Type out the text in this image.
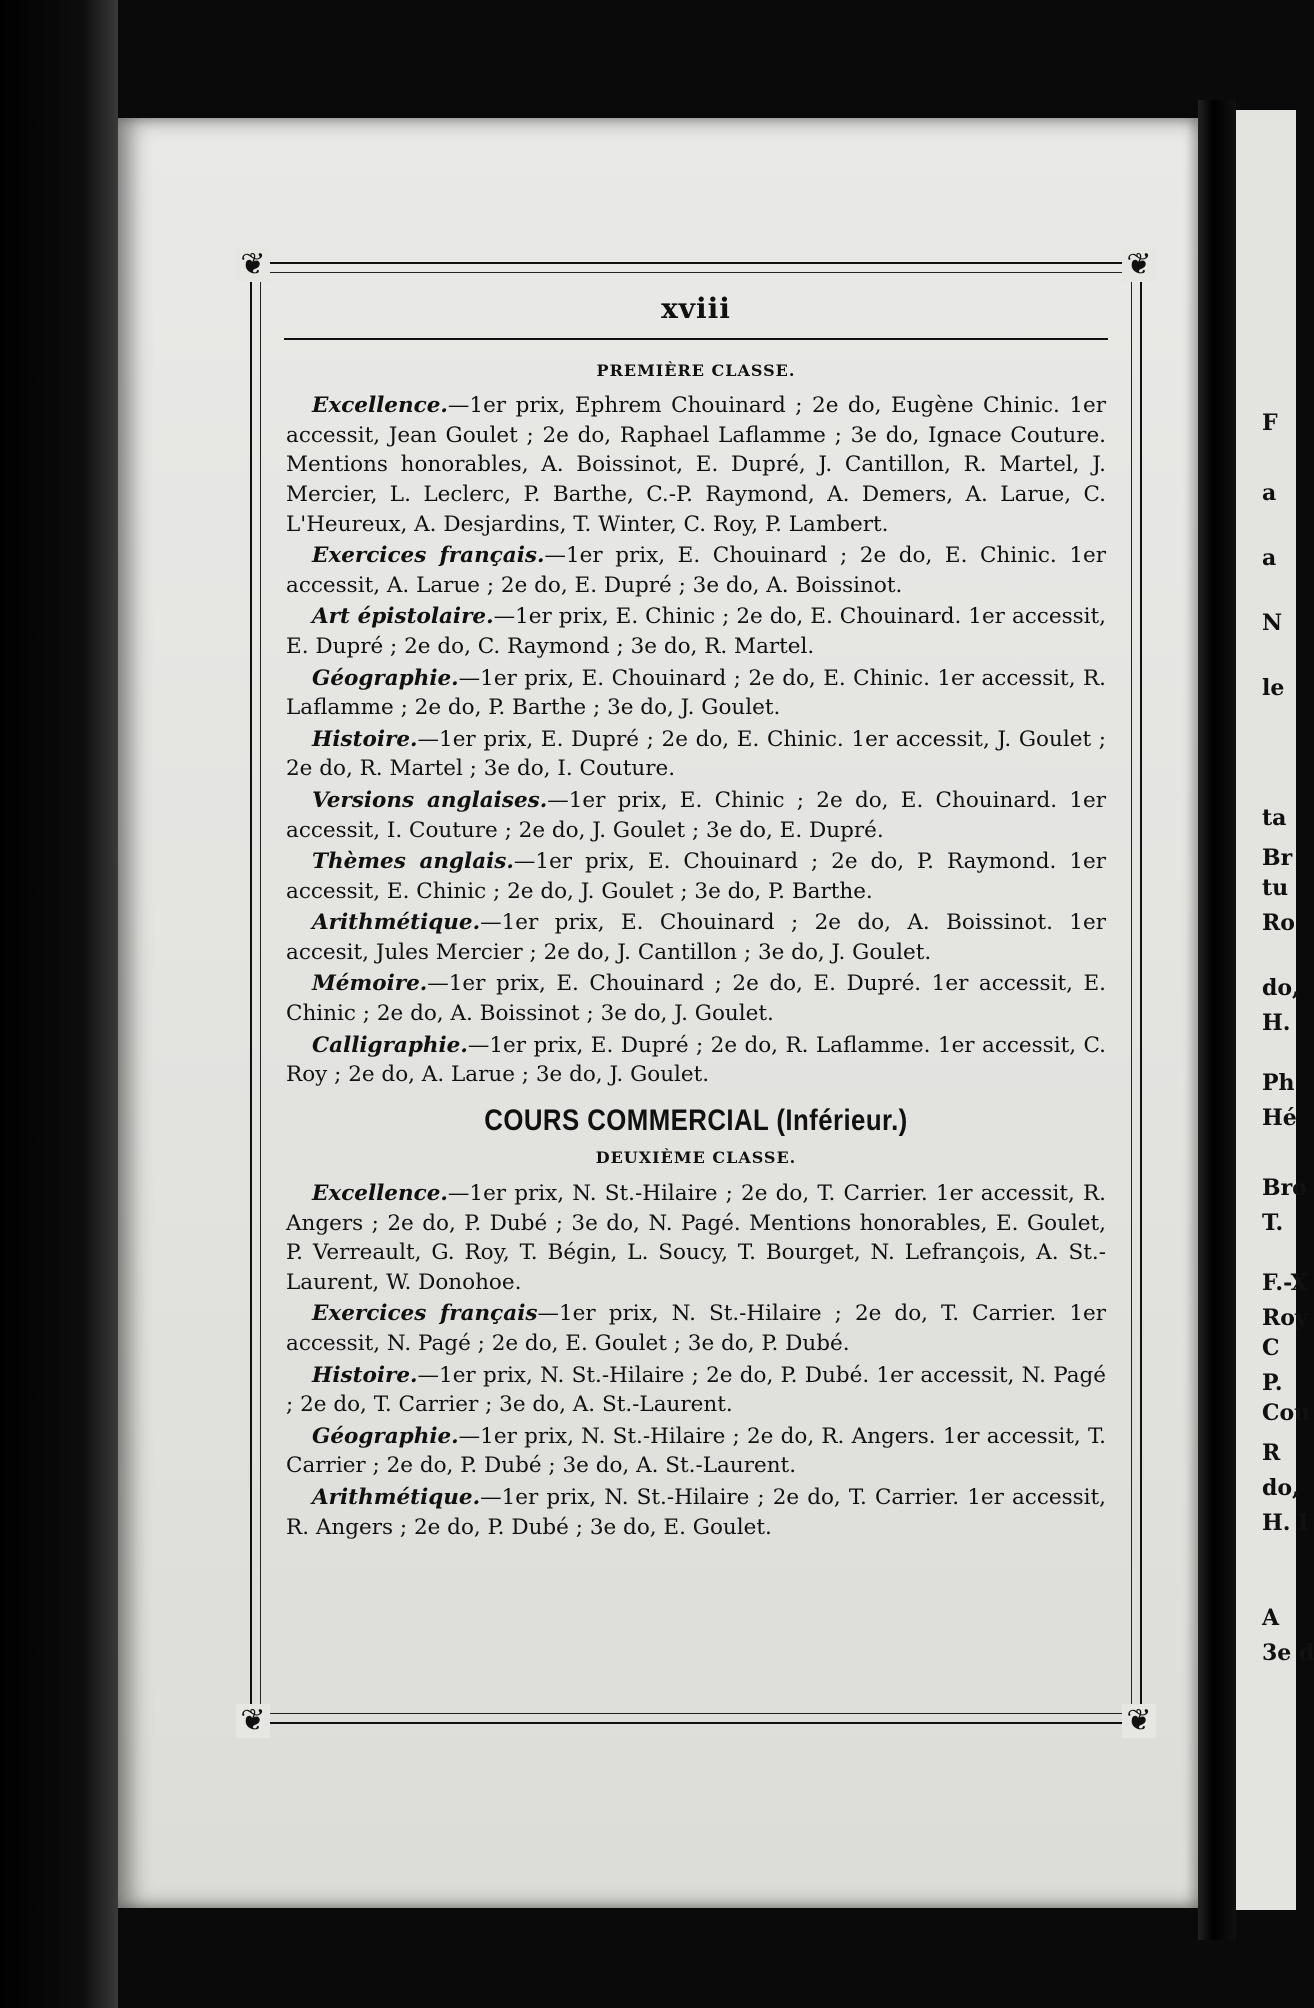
❦	❦
❦	❦
xviii
PREMIÈRE CLASSE.

Excellence.—1er prix, Ephrem Chouinard ; 2e do, Eugène Chinic. 1er accessit, Jean Goulet ; 2e do, Raphael Laflamme ; 3e do, Ignace Couture. Mentions honorables, A. Boissinot, E. Dupré, J. Cantillon, R. Martel, J. Mercier, L. Leclerc, P. Barthe, C.-P. Raymond, A. Demers, A. Larue, C. L'Heureux, A. Desjardins, T. Winter, C. Roy, P. Lambert.

Exercices français.—1er prix, E. Chouinard ; 2e do, E. Chinic. 1er accessit, A. Larue ; 2e do, E. Dupré ; 3e do, A. Boissinot.

Art épistolaire.—1er prix, E. Chinic ; 2e do, E. Chouinard. 1er accessit, E. Dupré ; 2e do, C. Raymond ; 3e do, R. Martel.

Géographie.—1er prix, E. Chouinard ; 2e do, E. Chinic. 1er accessit, R. Laflamme ; 2e do, P. Barthe ; 3e do, J. Goulet.

Histoire.—1er prix, E. Dupré ; 2e do, E. Chinic. 1er accessit, J. Goulet ; 2e do, R. Martel ; 3e do, I. Couture.

Versions anglaises.—1er prix, E. Chinic ; 2e do, E. Chouinard. 1er accessit, I. Couture ; 2e do, J. Goulet ; 3e do, E. Dupré.

Thèmes anglais.—1er prix, E. Chouinard ; 2e do, P. Raymond. 1er accessit, E. Chinic ; 2e do, J. Goulet ; 3e do, P. Barthe.

Arithmétique.—1er prix, E. Chouinard ; 2e do, A. Boissinot. 1er accesit, Jules Mercier ; 2e do, J. Cantillon ; 3e do, J. Goulet.

Mémoire.—1er prix, E. Chouinard ; 2e do, E. Dupré. 1er accessit, E. Chinic ; 2e do, A. Boissinot ; 3e do, J. Goulet.

Calligraphie.—1er prix, E. Dupré ; 2e do, R. Laflamme. 1er accessit, C. Roy ; 2e do, A. Larue ; 3e do, J. Goulet.

COURS COMMERCIAL (Inférieur.)
DEUXIÈME CLASSE.

Excellence.—1er prix, N. St.-Hilaire ; 2e do, T. Carrier. 1er accessit, R. Angers ; 2e do, P. Dubé ; 3e do, N. Pagé. Mentions honorables, E. Goulet, P. Verreault, G. Roy, T. Bégin, L. Soucy, T. Bourget, N. Lefrançois, A. St.-Laurent, W. Donohoe.

Exercices français—1er prix, N. St.-Hilaire ; 2e do, T. Carrier. 1er accessit, N. Pagé ; 2e do, E. Goulet ; 3e do, P. Dubé.

Histoire.—1er prix, N. St.-Hilaire ; 2e do, P. Dubé. 1er accessit, N. Pagé ; 2e do, T. Carrier ; 3e do, A. St.-Laurent.

Géographie.—1er prix, N. St.-Hilaire ; 2e do, R. Angers. 1er accessit, T. Carrier ; 2e do, P. Dubé ; 3e do, A. St.-Laurent.

Arithmétique.—1er prix, N. St.-Hilaire ; 2e do, T. Carrier. 1er accessit, R. Angers ; 2e do, P. Dubé ; 3e do, E. Goulet.

F
a
a
N
le
ta
Br
tu
Ro
do,
H.
Ph
Hé
Bro
T.
F.-X
Roy
C
P.
Cou
R
do,
H. I
A
3e d
